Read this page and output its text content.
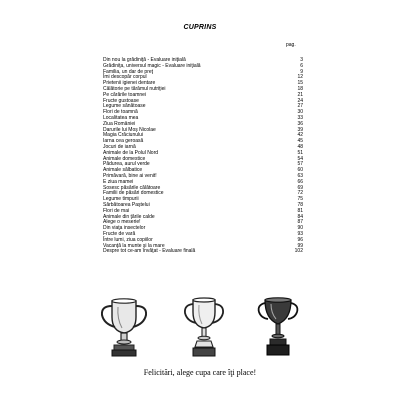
CUPRINS
pag.
Din nou la grădiniţă - Evaluare iniţială	3
Grădiniţa, universul magic - Evaluare iniţială	6
Familia, un dar de preţ	9
Îmi descopăr corpul	12
Prietenii igienei dentare	15
Călătorie pe tărâmul nutriţiei	18
Pe cărările toamnei	21
Fructe gustoase	24
Legume sănătoase	27
Flori de toamnă	30
Localitatea mea	33
Ziua României	36
Darurile lui Moş Nicolae	39
Magia Crăciunului	42
Iarna cea geroasă	45
Jocuri de iarnă	48
Animale de la Polul Nord	51
Animale domestice	54
Pădurea, aurul verde	57
Animale sălbatice	60
Primăvară, bine ai venit!	63
E ziua mamei	66
Sosesc păsările călătoare	69
Familii de păsări domestice	72
Legume timpurii	75
Sărbătoarea Paştelui	78
Flori de mai	81
Animale din ţările calde	84
Alege o meserie!	87
Din viaţa insectelor	90
Fructe de vară	93
Între lumi, ziua copiilor	96
Vacanţă la munte şi la mare	99
Despre tot ce-am învăţat - Evaluare finală	102
Felicitări, alege cupa care îţi place!
